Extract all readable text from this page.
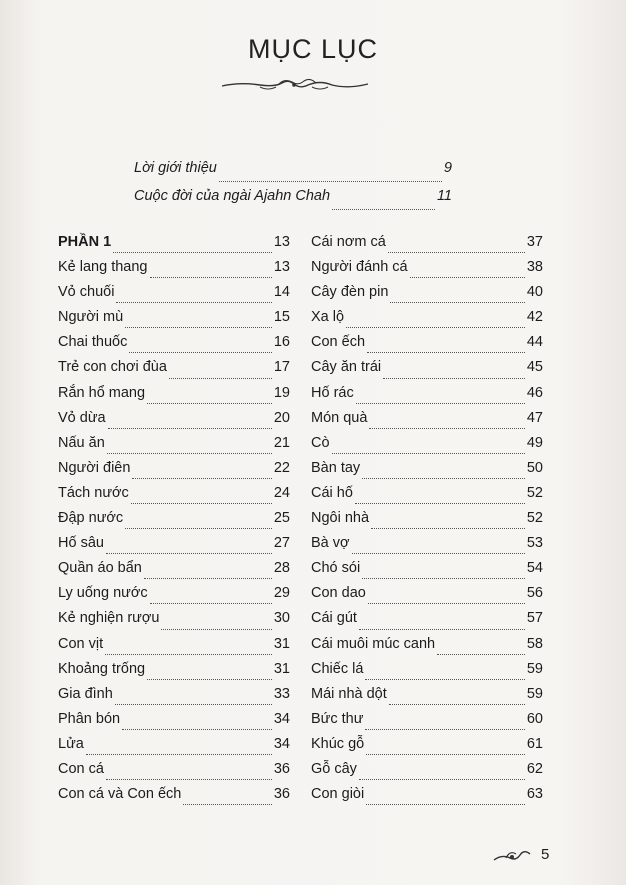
MỤC LỤC
Lời giới thiệu	9
Cuộc đời của ngài Ajahn Chah	11
PHẦN 1	13
Kẻ lang thang	13
Vỏ chuối	14
Người mù	15
Chai thuốc	16
Trẻ con chơi đùa	17
Rắn hổ mang	19
Vỏ dừa	20
Nấu ăn	21
Người điên	22
Tách nước	24
Đập nước	25
Hố sâu	27
Quần áo bẩn	28
Ly uống nước	29
Kẻ nghiện rượu	30
Con vịt	31
Khoảng trống	31
Gia đình	33
Phân bón	34
Lửa	34
Con cá	36
Con cá và Con ếch	36
Cái nơm cá	37
Người đánh cá	38
Cây đèn pin	40
Xa lộ	42
Con ếch	44
Cây ăn trái	45
Hố rác	46
Món quà	47
Cò	49
Bàn tay	50
Cái hố	52
Ngôi nhà	52
Bà vợ	53
Chó sói	54
Con dao	56
Cái gút	57
Cái muôi múc canh	58
Chiếc lá	59
Mái nhà dột	59
Bức thư	60
Khúc gỗ	61
Gỗ cây	62
Con giòi	63
5
